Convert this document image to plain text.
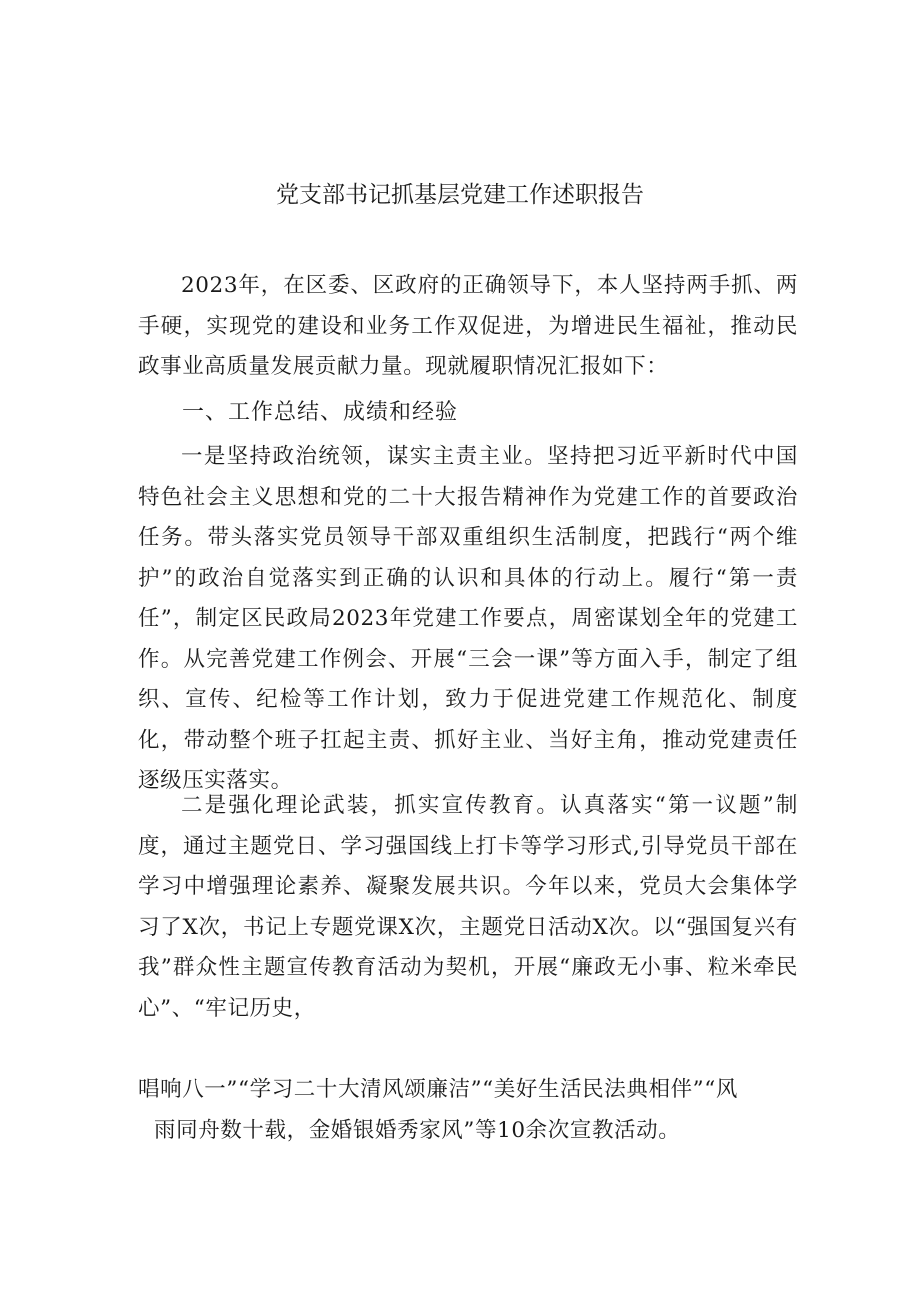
党支部书记抓基层党建工作述职报告

2023年，在区委、区政府的正确领导下，本人坚持两手抓、两手硬，实现党的建设和业务工作双促进，为增进民生福祉，推动民政事业高质量发展贡献力量。现就履职情况汇报如下：

一、工作总结、成绩和经验

一是坚持政治统领，谋实主责主业。坚持把习近平新时代中国特色社会主义思想和党的二十大报告精神作为党建工作的首要政治任务。带头落实党员领导干部双重组织生活制度，把践行“两个维护”的政治自觉落实到正确的认识和具体的行动上。履行“第一责任”，制定区民政局2023年党建工作要点，周密谋划全年的党建工作。从完善党建工作例会、开展“三会一课”等方面入手，制定了组织、宣传、纪检等工作计划，致力于促进党建工作规范化、制度化，带动整个班子扛起主责、抓好主业、当好主角，推动党建责任逐级压实落实。

二是强化理论武装，抓实宣传教育。认真落实“第一议题”制度，通过主题党日、学习强国线上打卡等学习形式,引导党员干部在学习中增强理论素养、凝聚发展共识。今年以来，党员大会集体学习了X次，书记上专题党课X次，主题党日活动X次。以“强国复兴有我”群众性主题宣传教育活动为契机，开展“廉政无小事、粒米牵民心”、“牢记历史，

唱响八一”“学习二十大清风颂廉洁”“美好生活民法典相伴”“风
雨同舟数十载，金婚银婚秀家风”等10余次宣教活动。
